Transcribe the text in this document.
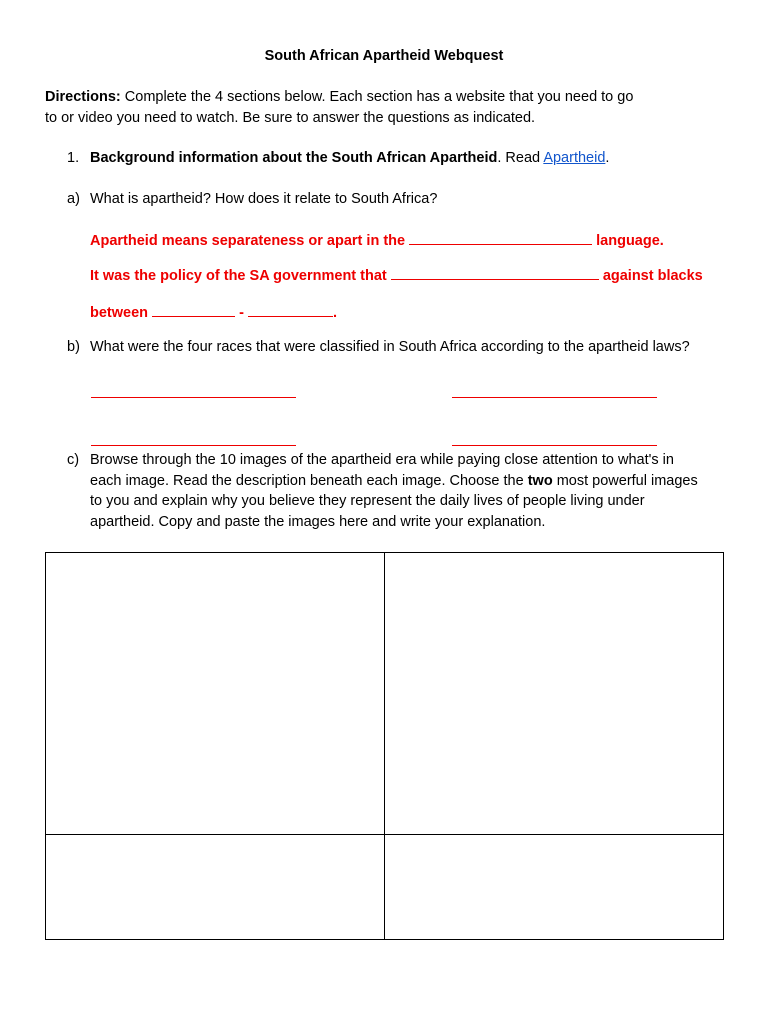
South African Apartheid Webquest
Directions: Complete the 4 sections below. Each section has a website that you need to go
to or video you need to watch. Be sure to answer the questions as indicated.
1. Background information about the South African Apartheid. Read Apartheid.
a) What is apartheid? How does it relate to South Africa?
Apartheid means separateness or apart in the	language.
It was the policy of the SA government that	against blacks
between	-	.
b) What were the four races that were classified in South Africa according to the apartheid laws?
c) Browse through the 10 images of the apartheid era while paying close attention to what's in
each image. Read the description beneath each image. Choose the two most powerful images
to you and explain why you believe they represent the daily lives of people living under
apartheid. Copy and paste the images here and write your explanation.
